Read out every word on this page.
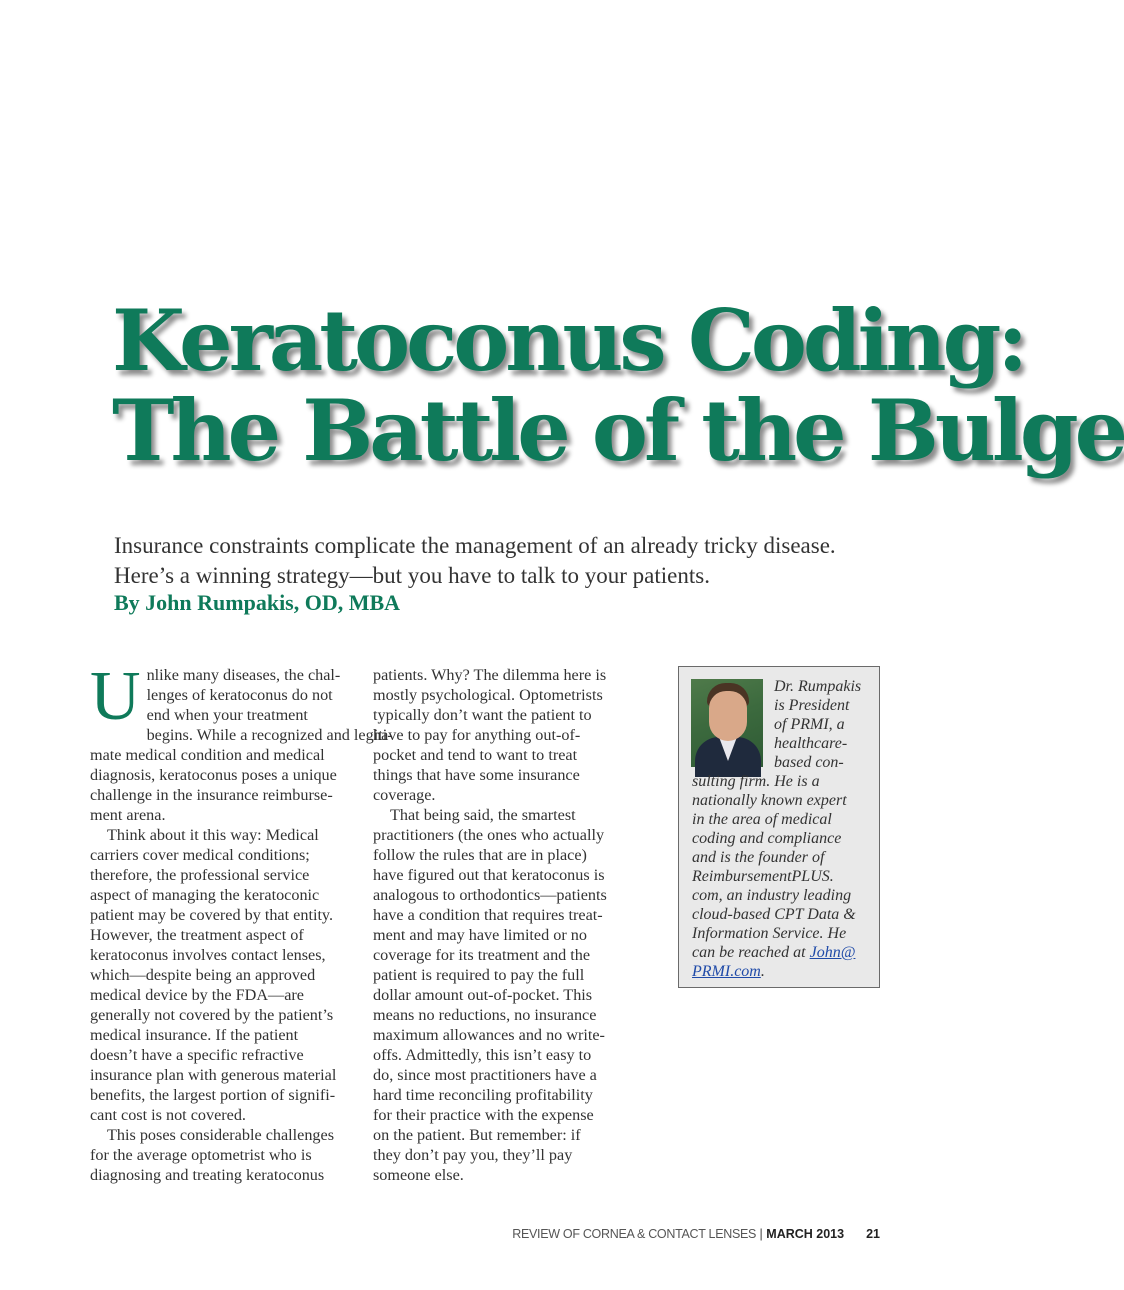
Keratoconus Coding:
The Battle of the Bulge
Insurance constraints complicate the management of an already tricky disease.
Here’s a winning strategy—but you have to talk to your patients.
By John Rumpakis, OD, MBA
U nlike many diseases, the chal-
lenges of keratoconus do not
end when your treatment
begins. While a recognized and legiti-
mate medical condition and medical
diagnosis, keratoconus poses a unique
challenge in the insurance reimburse-
ment arena.
Think about it this way: Medical
carriers cover medical conditions;
therefore, the professional service
aspect of managing the keratoconic
patient may be covered by that entity.
However, the treatment aspect of
keratoconus involves contact lenses,
which—despite being an approved
medical device by the FDA—are
generally not covered by the patient’s
medical insurance. If the patient
doesn’t have a specific refractive
insurance plan with generous material
benefits, the largest portion of signifi-
cant cost is not covered.
This poses considerable challenges
for the average optometrist who is
diagnosing and treating keratoconus
patients. Why? The dilemma here is
mostly psychological. Optometrists
typically don’t want the patient to
have to pay for anything out-of-
pocket and tend to want to treat
things that have some insurance
coverage.
That being said, the smartest
practitioners (the ones who actually
follow the rules that are in place)
have figured out that keratoconus is
analogous to orthodontics—patients
have a condition that requires treat-
ment and may have limited or no
coverage for its treatment and the
patient is required to pay the full
dollar amount out-of-pocket. This
means no reductions, no insurance
maximum allowances and no write-
offs. Admittedly, this isn’t easy to
do, since most practitioners have a
hard time reconciling profitability
for their practice with the expense
on the patient. But remember: if
they don’t pay you, they’ll pay
someone else.
Dr. Rumpakis
is President
of PRMI, a
healthcare-
based con-
sulting firm. He is a
nationally known expert
in the area of medical
coding and compliance
and is the founder of
ReimbursementPLUS.
com, an industry leading
cloud-based CPT Data &
Information Service. He
can be reached at John@
PRMI.com.
REVIEW OF CORNEA & CONTACT LENSES | MARCH 2013 21
